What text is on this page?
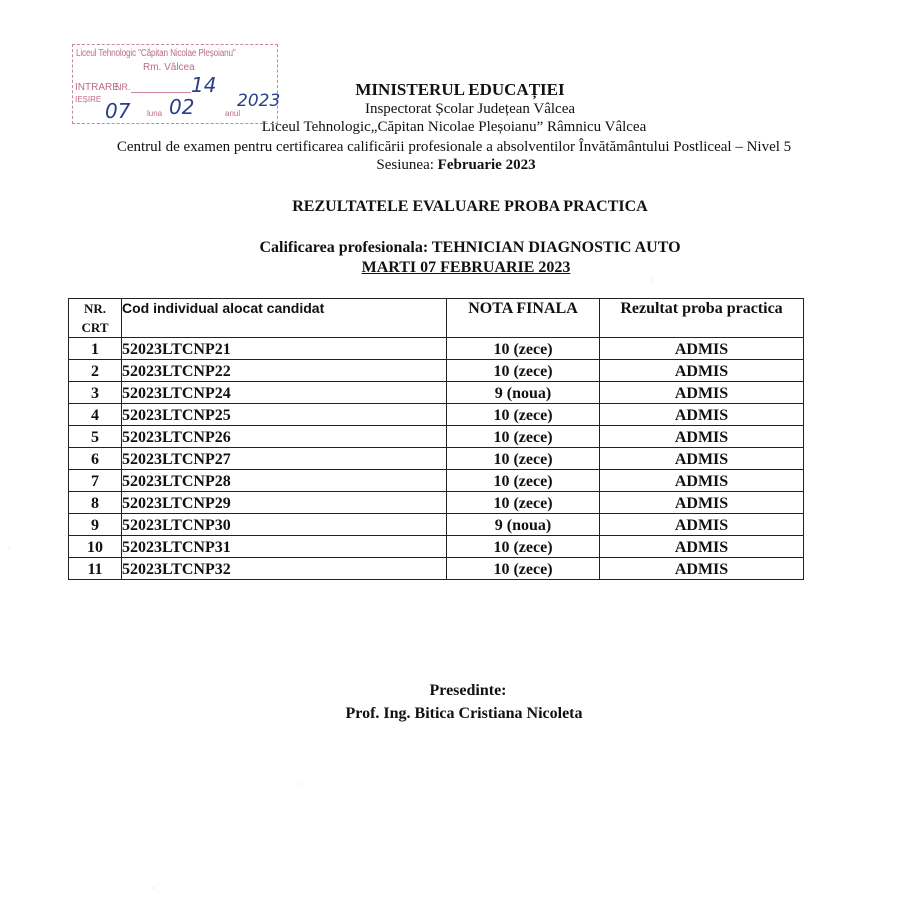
Liceul Tehnologic "Căpitan Nicolae Pleșoianu"
Rm. Vâlcea
INTRARE
IEȘIRE
NR.
luna	anul
14
07 02	2023
MINISTERUL EDUCAȚIEI
Inspectorat Școlar Județean Vâlcea
Liceul Tehnologic„Căpitan Nicolae Pleșoianu” Râmnicu Vâlcea
Centrul de examen pentru certificarea calificării profesionale a absolventilor Învătământului Postliceal – Nivel 5
Sesiunea: Februarie 2023
REZULTATELE EVALUARE PROBA PRACTICA
Calificarea profesionala: TEHNICIAN DIAGNOSTIC AUTO
MARTI 07 FEBRUARIE 2023
·
NR.
CRT	Cod individual alocat candidat	NOTA FINALA	Rezultat proba practica
1	52023LTCNP21	10 (zece)	ADMIS
2	52023LTCNP22	10 (zece)	ADMIS
3	52023LTCNP24	9 (noua)	ADMIS
4	52023LTCNP25	10 (zece)	ADMIS
5	52023LTCNP26	10 (zece)	ADMIS
6	52023LTCNP27	10 (zece)	ADMIS
7	52023LTCNP28	10 (zece)	ADMIS
8	52023LTCNP29	10 (zece)	ADMIS
9	52023LTCNP30	9 (noua)	ADMIS
10	52023LTCNP31	10 (zece)	ADMIS
11	52023LTCNP32	10 (zece)	ADMIS
Presedinte:
Prof. Ing. Bitica Cristiana Nicoleta
·
·
·
